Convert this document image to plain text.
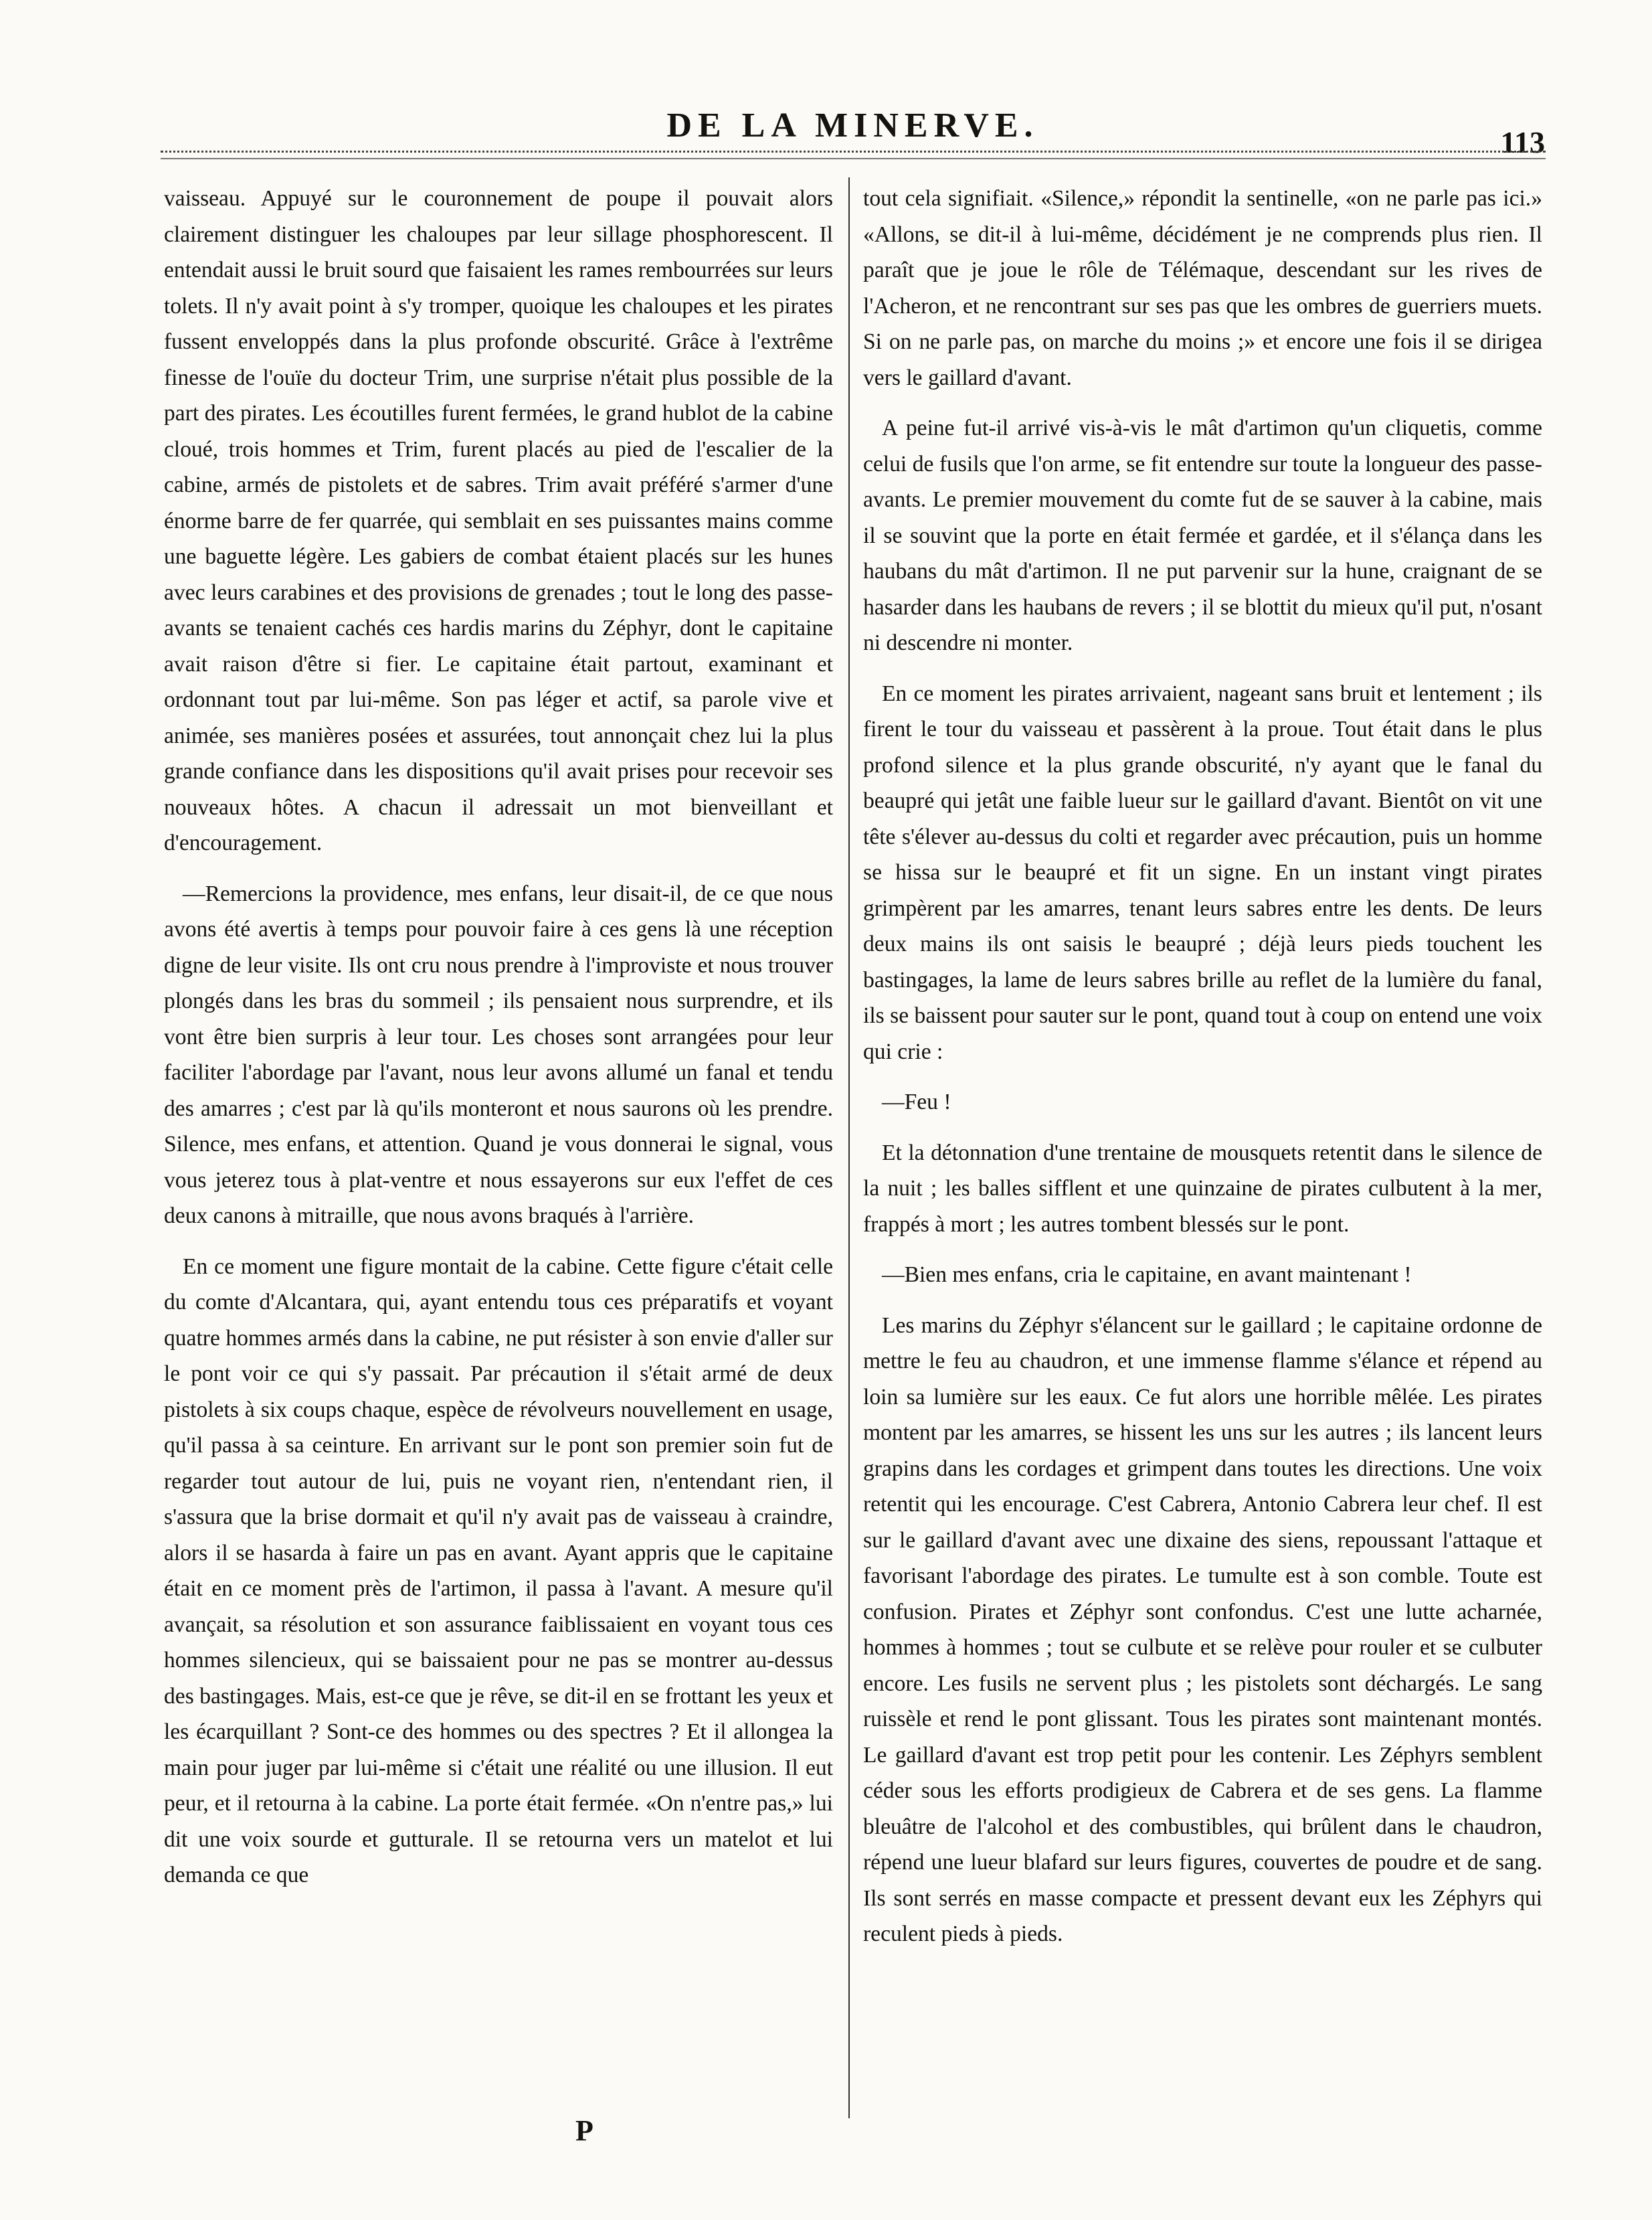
DE LA MINERVE.	113

vaisseau. Appuyé sur le couronnement de poupe il pouvait alors clairement distinguer les chaloupes par leur sillage phosphorescent. Il entendait aussi le bruit sourd que faisaient les rames rembourrées sur leurs tolets. Il n'y avait point à s'y tromper, quoique les chaloupes et les pirates fussent enveloppés dans la plus profonde obscurité. Grâce à l'extrême finesse de l'ouïe du docteur Trim, une surprise n'était plus possible de la part des pirates. Les écoutilles furent fermées, le grand hublot de la cabine cloué, trois hommes et Trim, furent placés au pied de l'escalier de la cabine, armés de pistolets et de sabres. Trim avait préféré s'armer d'une énorme barre de fer quarrée, qui semblait en ses puissantes mains comme une baguette légère. Les gabiers de combat étaient placés sur les hunes avec leurs carabines et des provisions de grenades ; tout le long des passe-avants se tenaient cachés ces hardis marins du Zéphyr, dont le capitaine avait raison d'être si fier. Le capitaine était partout, examinant et ordonnant tout par lui-même. Son pas léger et actif, sa parole vive et animée, ses manières posées et assurées, tout annonçait chez lui la plus grande confiance dans les dispositions qu'il avait prises pour recevoir ses nouveaux hôtes. A chacun il adressait un mot bienveillant et d'encouragement.

—Remercions la providence, mes enfans, leur disait-il, de ce que nous avons été avertis à temps pour pouvoir faire à ces gens là une réception digne de leur visite. Ils ont cru nous prendre à l'improviste et nous trouver plongés dans les bras du sommeil ; ils pensaient nous surprendre, et ils vont être bien surpris à leur tour. Les choses sont arrangées pour leur faciliter l'abordage par l'avant, nous leur avons allumé un fanal et tendu des amarres ; c'est par là qu'ils monteront et nous saurons où les prendre. Silence, mes enfans, et attention. Quand je vous donnerai le signal, vous vous jeterez tous à plat-ventre et nous essayerons sur eux l'effet de ces deux canons à mitraille, que nous avons braqués à l'arrière.

En ce moment une figure montait de la cabine. Cette figure c'était celle du comte d'Alcantara, qui, ayant entendu tous ces préparatifs et voyant quatre hommes armés dans la cabine, ne put résister à son envie d'aller sur le pont voir ce qui s'y passait. Par précaution il s'était armé de deux pistolets à six coups chaque, espèce de révolveurs nouvellement en usage, qu'il passa à sa ceinture. En arrivant sur le pont son premier soin fut de regarder tout autour de lui, puis ne voyant rien, n'entendant rien, il s'assura que la brise dormait et qu'il n'y avait pas de vaisseau à craindre, alors il se hasarda à faire un pas en avant. Ayant appris que le capitaine était en ce moment près de l'artimon, il passa à l'avant. A mesure qu'il avançait, sa résolution et son assurance faiblissaient en voyant tous ces hommes silencieux, qui se baissaient pour ne pas se montrer au-dessus des bastingages. Mais, est-ce que je rêve, se dit-il en se frottant les yeux et les écarquillant ? Sont-ce des hommes ou des spectres ? Et il allongea la main pour juger par lui-même si c'était une réalité ou une illusion. Il eut peur, et il retourna à la cabine. La porte était fermée. «On n'entre pas,» lui dit une voix sourde et gutturale. Il se retourna vers un matelot et lui demanda ce que

tout cela signifiait. «Silence,» répondit la sentinelle, «on ne parle pas ici.» «Allons, se dit-il à lui-même, décidément je ne comprends plus rien. Il paraît que je joue le rôle de Télémaque, descendant sur les rives de l'Acheron, et ne rencontrant sur ses pas que les ombres de guerriers muets. Si on ne parle pas, on marche du moins ;» et encore une fois il se dirigea vers le gaillard d'avant.

A peine fut-il arrivé vis-à-vis le mât d'artimon qu'un cliquetis, comme celui de fusils que l'on arme, se fit entendre sur toute la longueur des passe-avants. Le premier mouvement du comte fut de se sauver à la cabine, mais il se souvint que la porte en était fermée et gardée, et il s'élança dans les haubans du mât d'artimon. Il ne put parvenir sur la hune, craignant de se hasarder dans les haubans de revers ; il se blottit du mieux qu'il put, n'osant ni descendre ni monter.

En ce moment les pirates arrivaient, nageant sans bruit et lentement ; ils firent le tour du vaisseau et passèrent à la proue. Tout était dans le plus profond silence et la plus grande obscurité, n'y ayant que le fanal du beaupré qui jetât une faible lueur sur le gaillard d'avant. Bientôt on vit une tête s'élever au-dessus du colti et regarder avec précaution, puis un homme se hissa sur le beaupré et fit un signe. En un instant vingt pirates grimpèrent par les amarres, tenant leurs sabres entre les dents. De leurs deux mains ils ont saisis le beaupré ; déjà leurs pieds touchent les bastingages, la lame de leurs sabres brille au reflet de la lumière du fanal, ils se baissent pour sauter sur le pont, quand tout à coup on entend une voix qui crie :

—Feu !

Et la détonnation d'une trentaine de mousquets retentit dans le silence de la nuit ; les balles sifflent et une quinzaine de pirates culbutent à la mer, frappés à mort ; les autres tombent blessés sur le pont.

—Bien mes enfans, cria le capitaine, en avant maintenant !

Les marins du Zéphyr s'élancent sur le gaillard ; le capitaine ordonne de mettre le feu au chaudron, et une immense flamme s'élance et répend au loin sa lumière sur les eaux. Ce fut alors une horrible mêlée. Les pirates montent par les amarres, se hissent les uns sur les autres ; ils lancent leurs grapins dans les cordages et grimpent dans toutes les directions. Une voix retentit qui les encourage. C'est Cabrera, Antonio Cabrera leur chef. Il est sur le gaillard d'avant avec une dixaine des siens, repoussant l'attaque et favorisant l'abordage des pirates. Le tumulte est à son comble. Toute est confusion. Pirates et Zéphyr sont confondus. C'est une lutte acharnée, hommes à hommes ; tout se culbute et se relève pour rouler et se culbuter encore. Les fusils ne servent plus ; les pistolets sont déchargés. Le sang ruissèle et rend le pont glissant. Tous les pirates sont maintenant montés. Le gaillard d'avant est trop petit pour les contenir. Les Zéphyrs semblent céder sous les efforts prodigieux de Cabrera et de ses gens. La flamme bleuâtre de l'alcohol et des combustibles, qui brûlent dans le chaudron, répend une lueur blafard sur leurs figures, couvertes de poudre et de sang. Ils sont serrés en masse compacte et pressent devant eux les Zéphyrs qui reculent pieds à pieds.

P
